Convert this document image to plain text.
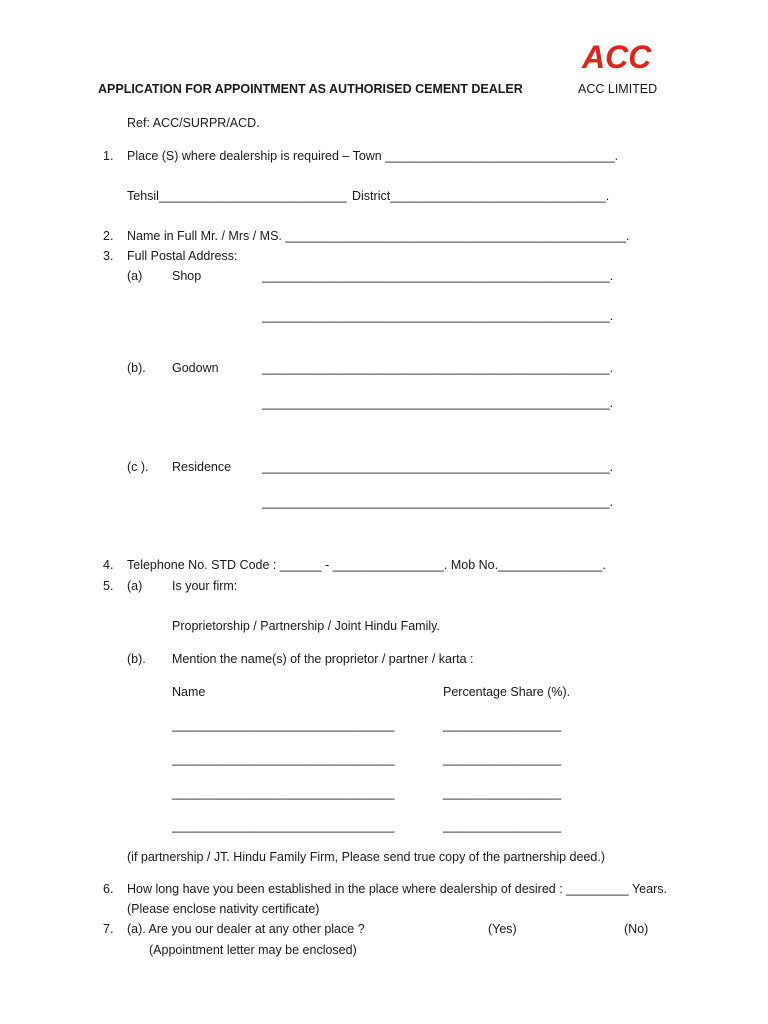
ACC
APPLICATION FOR APPOINTMENT AS AUTHORISED CEMENT DEALER	ACC LIMITED
Ref: ACC/SURPR/ACD.
1. Place (S) where dealership is required – Town _________________________________.
Tehsil___________________________ District_______________________________.
2. Name in Full Mr. / Mrs / MS. _________________________________________________.
3. Full Postal Address:
(a) Shop	__________________________________________________.
__________________________________________________.
(b). Godown	__________________________________________________.
__________________________________________________.
(c ). Residence __________________________________________________.
__________________________________________________.
4. Telephone No. STD Code : ______ - ________________. Mob No._______________.
5. (a) Is your firm:
Proprietorship / Partnership / Joint Hindu Family.
(b). Mention the name(s) of the proprietor / partner / karta :
Name	Percentage Share (%).
________________________________	_________________
________________________________	_________________
________________________________	_________________
________________________________	_________________
(if partnership / JT. Hindu Family Firm, Please send true copy of the partnership deed.)
6. How long have you been established in the place where dealership of desired : _________ Years.
(Please enclose nativity certificate)
7. (a). Are you our dealer at any other place ?	(Yes)	(No)
(Appointment letter may be enclosed)
